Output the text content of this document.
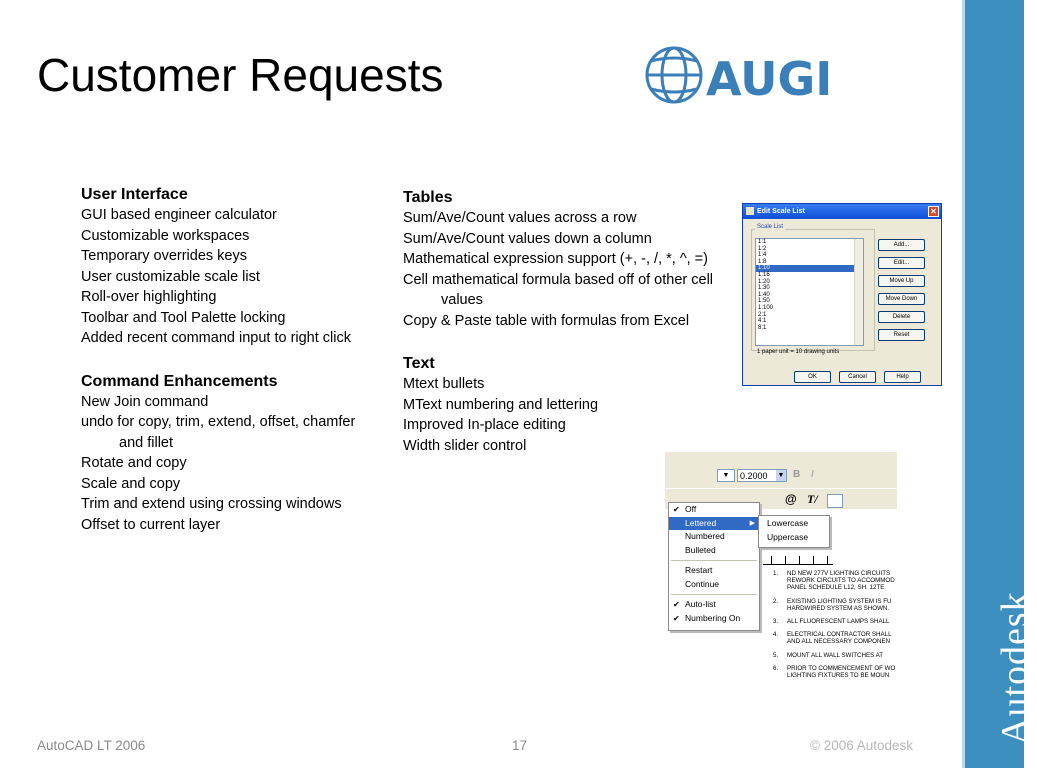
Autodesk
Customer Requests	AUGI
User Interface
GUI based engineer calculator
Customizable workspaces
Temporary overrides keys
User customizable scale list
Roll-over highlighting
Toolbar and Tool Palette locking
Added recent command input to right click
Command Enhancements
New Join command
undo for copy, trim, extend, offset, chamfer and fillet
Rotate and copy
Scale and copy
Trim and extend using crossing windows
Offset to current layer
Tables
Sum/Ave/Count values across a row
Sum/Ave/Count values down a column
Mathematical expression support (+, -, /, *, ^, =)
Cell mathematical formula based off of other cell values
Copy & Paste table with formulas from Excel
Text
Mtext bullets
MText numbering and lettering
Improved In-place editing
Width slider control
Edit Scale List	✕
Scale List
1:1
1:2
1:4
1:8
1:10
1:16
1:20
1:30
1:40
1:50
1:100
2:1
4:1
8:1
Add...
Edit...
Move Up
Move Down
Delete
Reset
1 paper unit = 10 drawing units
OK	Cancel	Help
▼	0.2000 ▼ B I
@ T/
✔ Off
Lettered	▶
Numbered
Bulleted
Restart
Continue
✔ Auto-list
✔ Numbering On
Lowercase
Uppercase
1. ND NEW 277V LIGHTING CIRCUITS
REWORK CIRCUITS TO ACCOMMOD
PANEL SCHEDULE L12, SH. 12TE
2. EXISTING LIGHTING SYSTEM IS FU
HARDWIRED SYSTEM AS SHOWN.
3. ALL FLUORESCENT LAMPS SHALL
4. ELECTRICAL CONTRACTOR SHALL
AND ALL NECESSARY COMPONEN
5. MOUNT ALL WALL SWITCHES AT
6. PRIOR TO COMMENCEMENT OF WO
LIGHTING FIXTURES TO BE MOUN
AutoCAD LT 2006	17	© 2006 Autodesk
